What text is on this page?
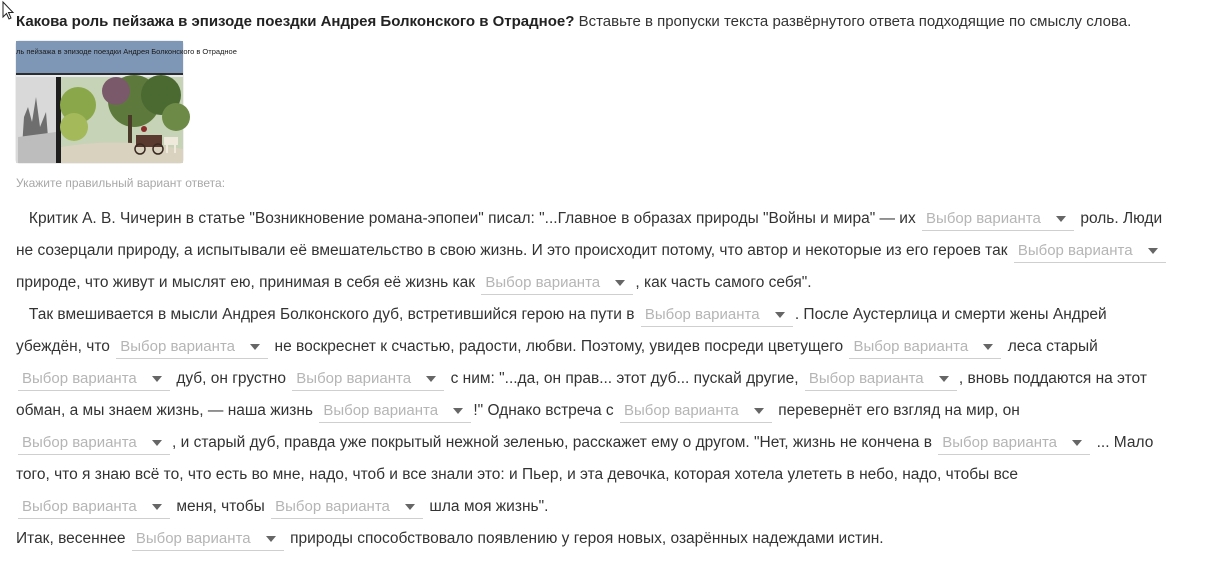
Какова роль пейзажа в эпизоде поездки Андрея Болконского в Отрадное? Вставьте в пропуски текста развёрнутого ответа подходящие по смыслу слова.
ль пейзажа в эпизоде поездки Андрея Болконского в Отрадное
Укажите правильный вариант ответа:

Критик А. В. Чичерин в статье "Возникновение романа-эпопеи" писал: "...Главное в образах природы "Войны и мира" — их Выбор варианта	роль. Люди не созерцали природу, а испытывали её вмешательство в свою жизнь. И это происходит потому, что автор и некоторые из его героев так Выбор варианта
природе, что живут и мыслят ею, принимая в себя её жизнь как Выбор варианта , как часть самого себя".

Так вмешивается в мысли Андрея Болконского дуб, встретившийся герою на пути в Выбор варианта . После Аустерлица и смерти жены Андрей убеждён, что Выбор варианта	не воскреснет к счастью, радости, любви. Поэтому, увидев посреди цветущего Выбор варианта	леса старый
Выбор варианта	дуб, он грустно Выбор варианта	с ним: "...да, он прав... этот дуб... пускай другие, Выбор варианта , вновь поддаются на этот обман, а мы знаем жизнь, — наша жизнь Выбор варианта !" Однако встреча с Выбор варианта	перевернёт его взгляд на мир, он
Выбор варианта , и старый дуб, правда уже покрытый нежной зеленью, расскажет ему о другом. "Нет, жизнь не кончена в Выбор варианта	... Мало того, что я знаю всё то, что есть во мне, надо, чтоб и все знали это: и Пьер, и эта девочка, которая хотела улететь в небо, надо, чтобы все
Выбор варианта	меня, чтобы Выбор варианта	шла моя жизнь".

Итак, весеннее Выбор варианта	природы способствовало появлению у героя новых, озарённых надеждами истин.
